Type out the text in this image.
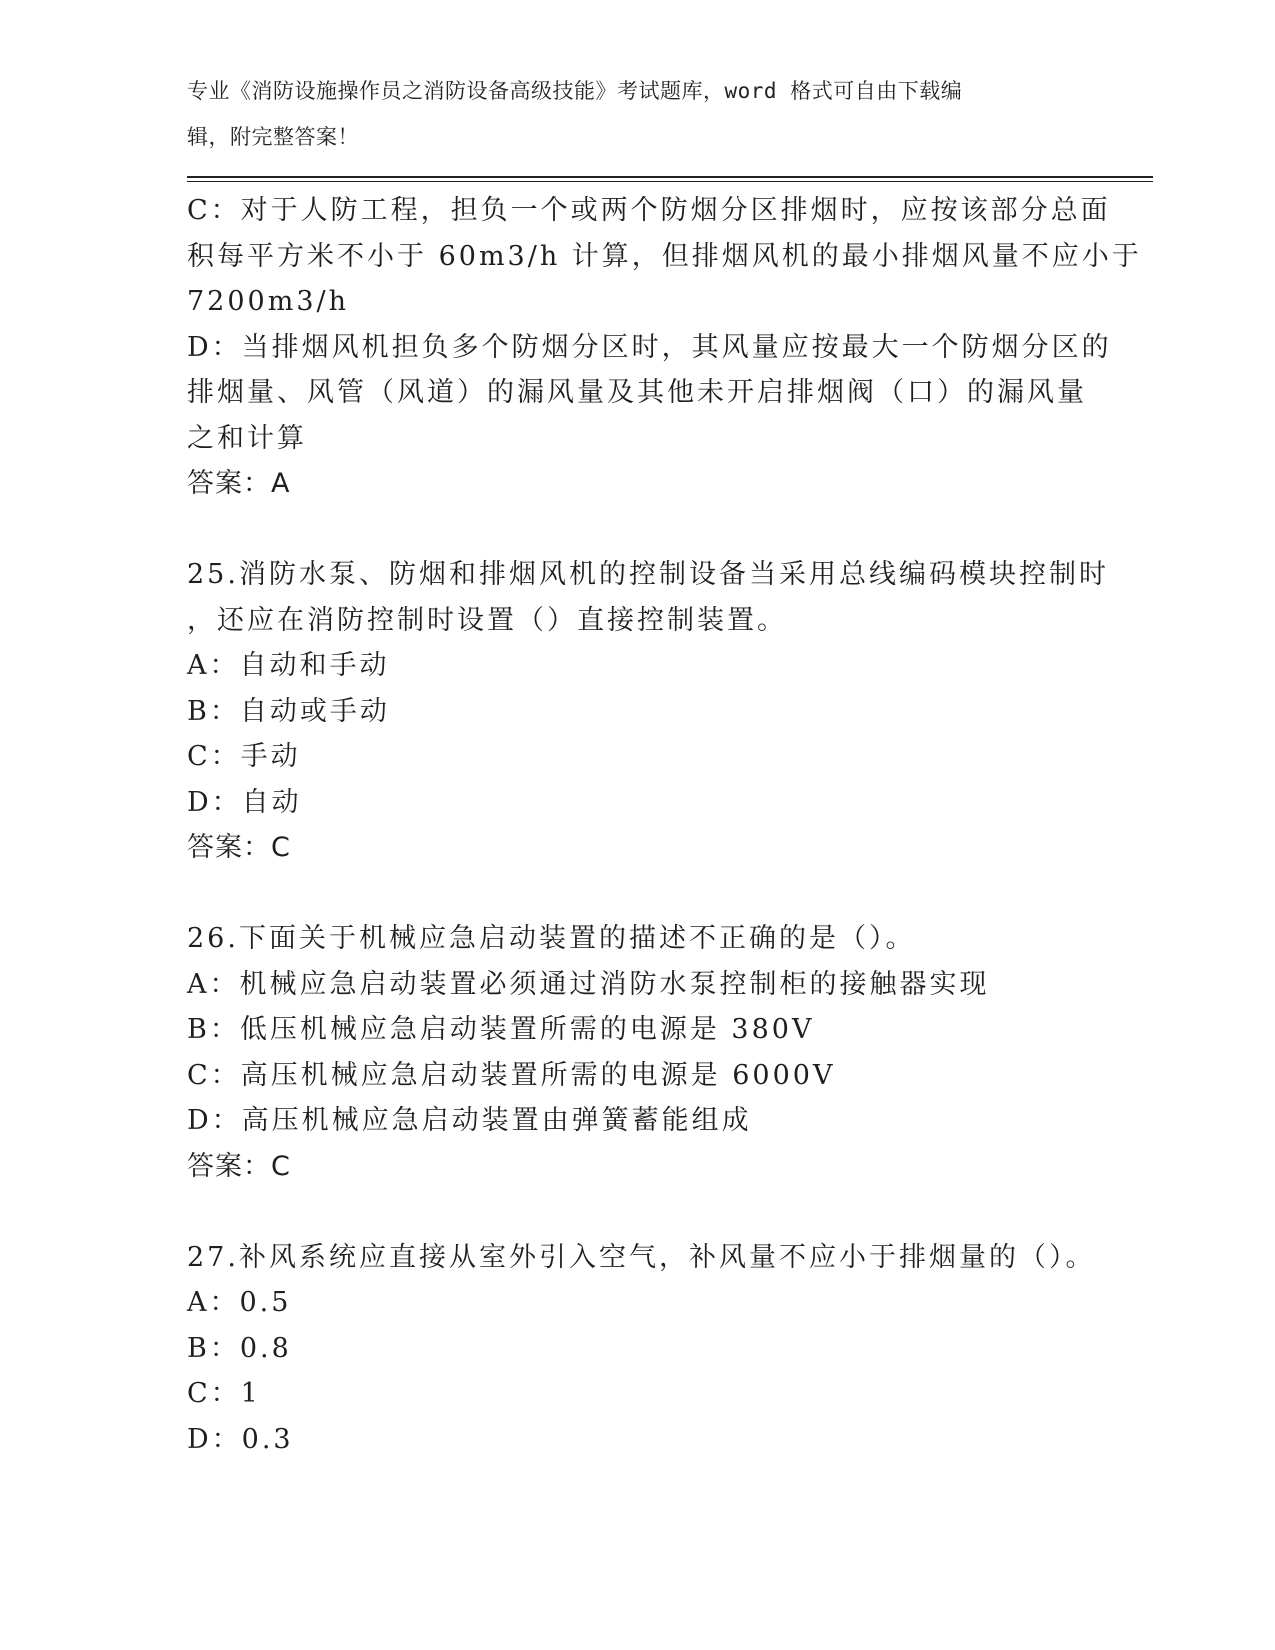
专业《消防设施操作员之消防设备高级技能》考试题库，word 格式可自由下载编
辑，附完整答案！
C：对于人防工程，担负一个或两个防烟分区排烟时，应按该部分总面
积每平方米不小于 60m3/h 计算，但排烟风机的最小排烟风量不应小于
7200m3/h
D：当排烟风机担负多个防烟分区时，其风量应按最大一个防烟分区的
排烟量、风管（风道）的漏风量及其他未开启排烟阀（口）的漏风量
之和计算
答案：A
25.消防水泵、防烟和排烟风机的控制设备当采用总线编码模块控制时
，还应在消防控制时设置（）直接控制装置。
A：自动和手动
B：自动或手动
C：手动
D：自动
答案：C
26.下面关于机械应急启动装置的描述不正确的是（）。
A：机械应急启动装置必须通过消防水泵控制柜的接触器实现
B：低压机械应急启动装置所需的电源是 380V
C：高压机械应急启动装置所需的电源是 6000V
D：高压机械应急启动装置由弹簧蓄能组成
答案：C
27.补风系统应直接从室外引入空气，补风量不应小于排烟量的（）。
A：0.5
B：0.8
C：1
D：0.3
